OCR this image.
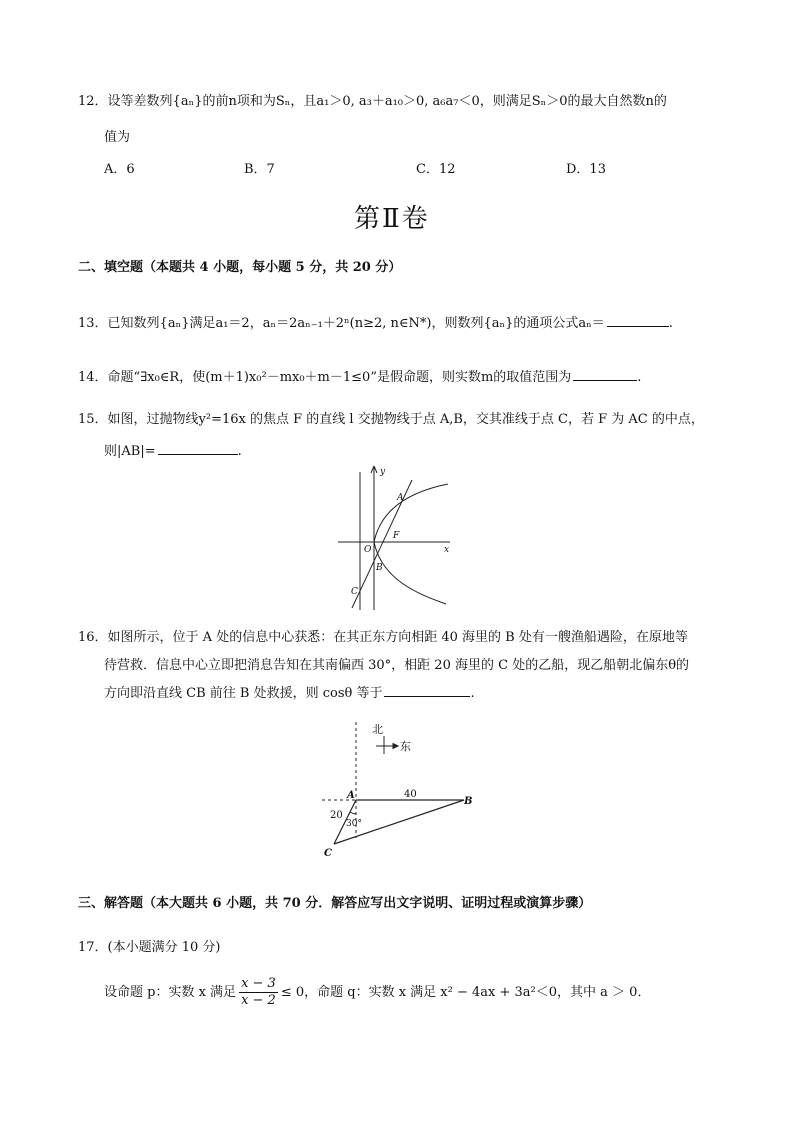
12．设等差数列{aₙ}的前n项和为Sₙ，且a₁＞0, a₃＋a₁₀＞0, a₆a₇＜0，则满足Sₙ＞0的最大自然数n的
值为
A．6	B．7	C．12	D．13
第Ⅱ卷
二、填空题（本题共 4 小题，每小题 5 分，共 20 分）
13．已知数列{aₙ}满足a₁＝2，aₙ＝2aₙ₋₁＋2ⁿ(n≥2, n∈N*)，则数列{aₙ}的通项公式aₙ＝	.
14．命题“∃x₀∈R，使(m＋1)x₀²－mx₀＋m－1≤0”是假命题，则实数m的取值范围为	.
15．如图，过抛物线y²=16x 的焦点 F 的直线 l 交抛物线于点 A,B，交其准线于点 C，若 F 为 AC 的中点，
则|AB|=	.
y
x
A
F
O
B
C
16．如图所示，位于 A 处的信息中心获悉：在其正东方向相距 40 海里的 B 处有一艘渔船遇险，在原地等
待营救．信息中心立即把消息告知在其南偏西 30°，相距 20 海里的 C 处的乙船，现乙船朝北偏东θ的
方向即沿直线 CB 前往 B 处救援，则 cosθ 等于	.
北
东
A
B
C
40
20
30°
三、解答题（本大题共 6 小题，共 70 分．解答应写出文字说明、证明过程或演算步骤）
17．(本小题满分 10 分)
设命题 p：实数 x 满足 $\frac{x - 3}{x - 2} \le 0$，命题 q：实数 x 满足 x² − 4ax + 3a²＜0，其中 a ＞ 0．
